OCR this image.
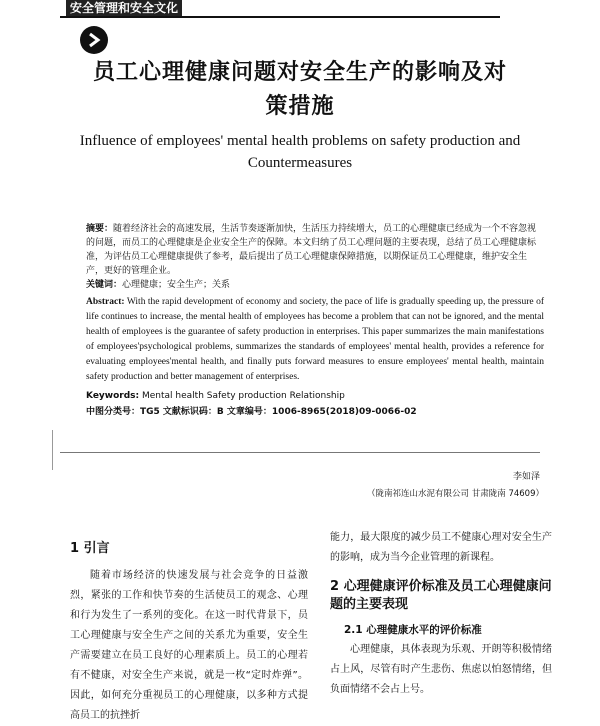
安全管理和安全文化
员工心理健康问题对安全生产的影响及对
策措施
Influence of employees' mental health problems on safety production and
Countermeasures

摘要：随着经济社会的高速发展，生活节奏逐渐加快，生活压力持续增大，员工的心理健康已经成为一个不容忽视的问题，而员工的心理健康是企业安全生产的保障。本文归纳了员工心理问题的主要表现，总结了员工心理健康标准，为评估员工心理健康提供了参考，最后提出了员工心理健康保障措施，以期保证员工心理健康，维护安全生产，更好的管理企业。

关键词：心理健康；安全生产；关系

Abstract: With the rapid development of economy and society, the pace of life is gradually speeding up, the pressure of life continues to increase, the mental health of employees has become a problem that can not be ignored, and the mental health of employees is the guarantee of safety production in enterprises. This paper summarizes the main manifestations of employees'psychological problems, summarizes the standards of employees' mental health, provides a reference for evaluating employees'mental health, and finally puts forward measures to ensure employees' mental health, maintain safety production and better management of enterprises.

Keywords: Mental health Safety production Relationship

中图分类号：TG5 文献标识码：B 文章编号：1006-8965(2018)09-0066-02

李如泽
（陇南祁连山水泥有限公司 甘肃陇南 74609）
1 引言

随着市场经济的快速发展与社会竞争的日益激烈，紧张的工作和快节奏的生活使员工的观念、心理和行为发生了一系列的变化。在这一时代背景下，员工心理健康与安全生产之间的关系尤为重要，安全生产需要建立在员工良好的心理素质上。员工的心理若有不健康，对安全生产来说，就是一枚“定时炸弹”。因此，如何充分重视员工的心理健康，以多种方式提高员工的抗挫折

能力，最大限度的减少员工不健康心理对安全生产的影响，成为当今企业管理的新课程。

2 心理健康评价标准及员工心理健康问题的主要表现
2.1 心理健康水平的评价标准

心理健康，具体表现为乐观、开朗等积极情绪占上风，尽管有时产生悲伤、焦虑以怕怒情绪，但负面情绪不会占上号。
